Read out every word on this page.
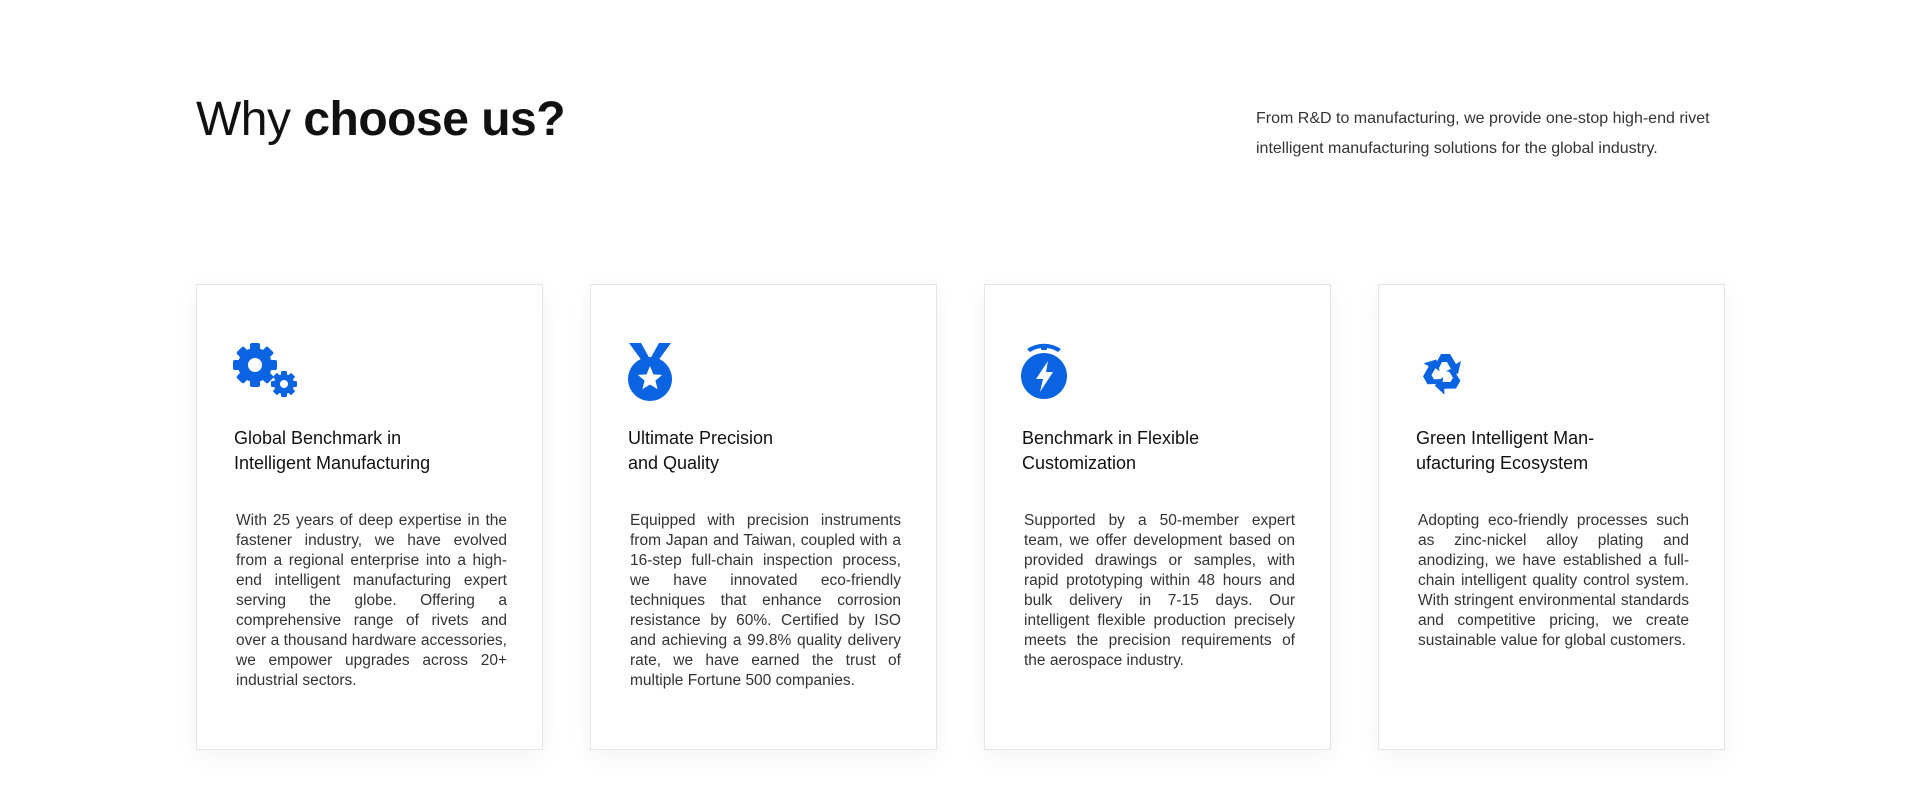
Why choose us?	From R&D to manufacturing, we provide one-stop high-end rivet intelligent manufacturing solutions for the global industry.

Global Benchmark in
Intelligent Manufacturing

With 25 years of deep expertise in the fastener industry, we have evolved from a regional enterprise into a high-end intelligent manufacturing expert serving the globe. Offering a comprehensive range of rivets and over a thousand hardware accessories, we empower upgrades across 20+ industrial sectors.

Ultimate Precision
and Quality

Equipped with precision instruments from Japan and Taiwan, coupled with a 16-step full-chain inspection process, we have innovated eco-friendly techniques that enhance corrosion resistance by 60%. Certified by ISO and achieving a 99.8% quality delivery rate, we have earned the trust of multiple Fortune 500 companies.

Benchmark in Flexible
Customization

Supported by a 50-member expert team, we offer development based on provided drawings or samples, with rapid prototyping within 48 hours and bulk delivery in 7-15 days. Our intelligent flexible production precisely meets the precision requirements of the aerospace industry.

Green Intelligent Man-
ufacturing Ecosystem

Adopting eco-friendly processes such as zinc-nickel alloy plating and anodizing, we have established a full-chain intelligent quality control system. With stringent environmental standards and competitive pricing, we create sustainable value for global customers.
